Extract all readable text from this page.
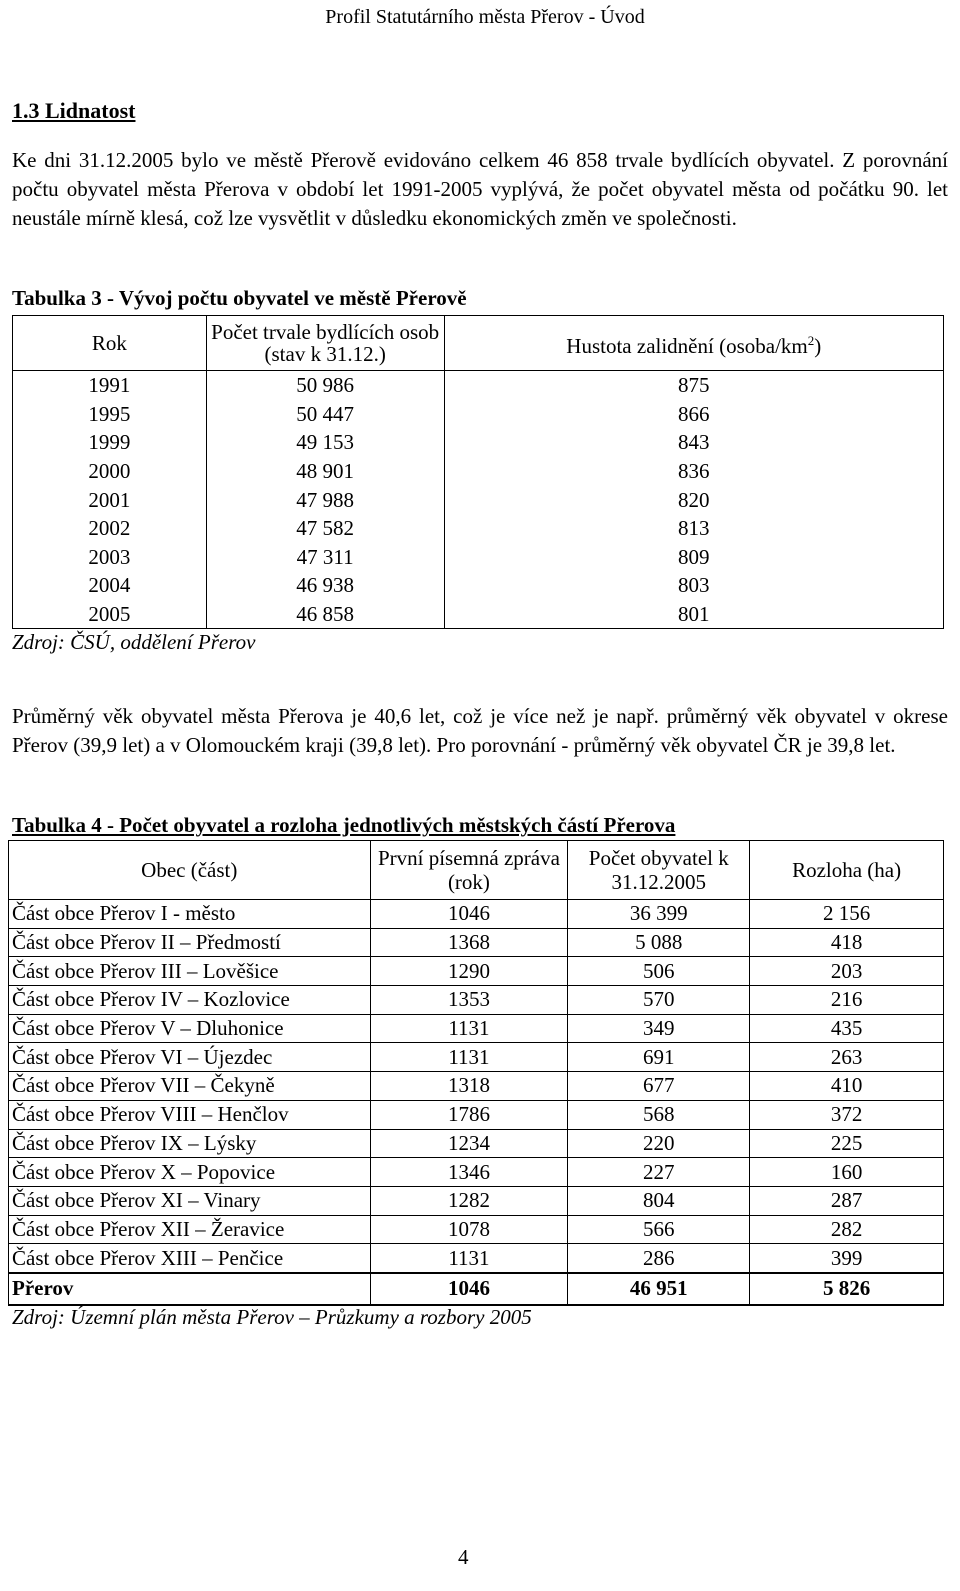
Profil Statutárního města Přerov - Úvod
1.3 Lidnatost

Ke dni 31.12.2005 bylo ve městě Přerově evidováno celkem 46 858 trvale bydlících obyvatel. Z porovnání počtu obyvatel města Přerova v období let 1991-2005 vyplývá, že počet obyvatel města od počátku 90. let neustále mírně klesá, což lze vysvětlit v důsledku ekonomických změn ve společnosti.

Tabulka 3 - Vývoj počtu obyvatel ve městě Přerově

Rok	Počet trvale bydlících osob (stav k 31.12.)	Hustota zalidnění $(osoba/km^2)$
1991	50 986	875
1995	50 447	866
1999	49 153	843
2000	48 901	836
2001	47 988	820
2002	47 582	813
2003	47 311	809
2004	46 938	803
2005	46 858	801

Zdroj: ČSÚ, oddělení Přerov

Průměrný věk obyvatel města Přerova je 40,6 let, což je více než je např. průměrný věk obyvatel v okrese Přerov (39,9 let) a v Olomouckém kraji (39,8 let). Pro porovnání - průměrný věk obyvatel ČR je 39,8 let.

Tabulka 4 - Počet obyvatel a rozloha jednotlivých městských částí Přerova

Obec (část)	První písemná zpráva (rok)	Počet obyvatel k 31.12.2005	Rozloha (ha)
Část obce Přerov I - město	1046	36 399	2 156
Část obce Přerov II – Předmostí	1368	5 088	418
Část obce Přerov III – Lověšice	1290	506	203
Část obce Přerov IV – Kozlovice	1353	570	216
Část obce Přerov V – Dluhonice	1131	349	435
Část obce Přerov VI – Újezdec	1131	691	263
Část obce Přerov VII – Čekyně	1318	677	410
Část obce Přerov VIII – Henčlov	1786	568	372
Část obce Přerov IX – Lýsky	1234	220	225
Část obce Přerov X – Popovice	1346	227	160
Část obce Přerov XI – Vinary	1282	804	287
Část obce Přerov XII – Žeravice	1078	566	282
Část obce Přerov XIII – Penčice	1131	286	399
Přerov	1046	46 951	5 826

Zdroj: Územní plán města Přerov – Průzkumy a rozbory 2005

4
